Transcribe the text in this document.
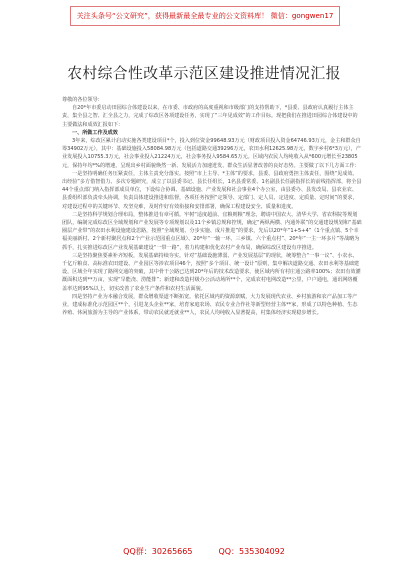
关注头条号“公文研究”，获得最新最全最专业的公文资料库！ 微信：gongwen17
农村综合性改革示范区建设推进情况汇报

尊敬的各位领导：

自20*年市委启动田园综合体建设以来，在市委、市政府的高度重视和市级部门的支持帮助下，*县委、县政府认真履行主体主责，集全县之智、汇全县之力，完成了综改区各项建设任务，实现了“三年见成效”的工作目标。现把我们在推进田园综合体建设中的主要做法和成效汇报如下：

一、所做工作及成效

3年来，综改区累计启动实施各类建设项目*个，投入到位资金99648.93万元（财政项目投入资金64746.93万元，金主和群众自筹34902万元），其中：基础设施投入58084.98万元（包括道路交通39296万元，农田水利12625.98万元，数字乡村6*3万元），产业发展投入10755.3万元，社会事业投入21224万元，社会事务投入9584.65万元。区域内农民人均纯收入从*600元增长至23805元，保持年均*%的增速，呈现出乡村面貌焕然一新、发展活力加速迸发、群众生活显著改善的良好态势。主要做了以下几方面工作：

一是坚持明确任务压紧责任，主体主责充分落实。按照“市上主导、*主体”的要求，县委、县政府勇担主体责任，围绕“见成效、出经验”多方借智借力、多次专题研究，成立了以县委书记、县长任组长，1名县委常委、1名副县长任副指挥长的前线指挥部，将全县44个重点部门纳入指挥部成员单位，下设综合协调、基础设施、产业发展和社会事业4个办公室，由县委办、县发改局、县农业农、县委组织部负责牵头协调，负责具体建设推进和监督，各项任务按照“定领导、定部门、定人员、定进度、定质量、定时间”的要求，对建设过程中的关键环节、攻坚克难，及时作好有效衔接和安排部署，确保工程建设安全、质量和进度。

二是坚持科学规划合理布局，整体推进有章可循。牢树“适度超前、宜粮则粮”理念，聘请中国农大、清华大学、省农科院等规划团队，编制完成综改区全域规划和产业发展等专项规划以及11个乡镇总规和控规，确定“两纵两横、内通外联”的交通建设规划和“基础圈层产业带”的农田水利设施建设思路，按照“全域规划、分步实施、成片推进”的要求，先后以20*年“1+5+4”（1个重点镇、5个幸福美丽新村、2个新村聚居点和2个产业示范园重点区域）、20*年“一轴一环、三乡镇、六个重点村”、20*年“一主一环多片”等战略为抓手，扎实推进综改区产业发展基础建设“一带一路”，着力构建和优化农村产业布局，确保综改区建设有序推进。

三是坚持聚焦要素补齐短板，发展基础持续夯实。针对“基础设施薄弱、产业发展基层”的现状，统筹整合“一事一议”、小农水、千亿斤粮食、高标准农田建设、产业园区等涉农项目46个，按照“多个项目、统一设计”原则，集中解决道路交通、农田水利等基础建设，区域全年实现了路网交通的突破，其中骨干公路已达到20*年后的技术改造要求，使区域内所有村庄通公路率100%；农田有效灌溉面积达到**万亩，实现“旱能浇、涝能排”；新建和改造村级办公活动场所**个，完成农村电网改造**公里，户户通电，通讯网络覆盖率达到95%以上，切实改善了农业生产条件和农村生活面貌。

四是坚持产业为本融合发展，群众增收渠道不断拓宽。依托区域内的资源禀赋，大力发展现代农业、乡村旅游和农产品加工等产业，建成标准化示范园区**个，引进龙头企业**家，培育家庭农场、农民专业合作社等新型经营主体**家，形成了以特色种植、生态养殖、休闲旅游为主导的产业体系，带动农民就近就业**人，农民人均纯收入显著提高，村集体经济实现稳步增长。

QQ群：30265665	QQ：535304092
